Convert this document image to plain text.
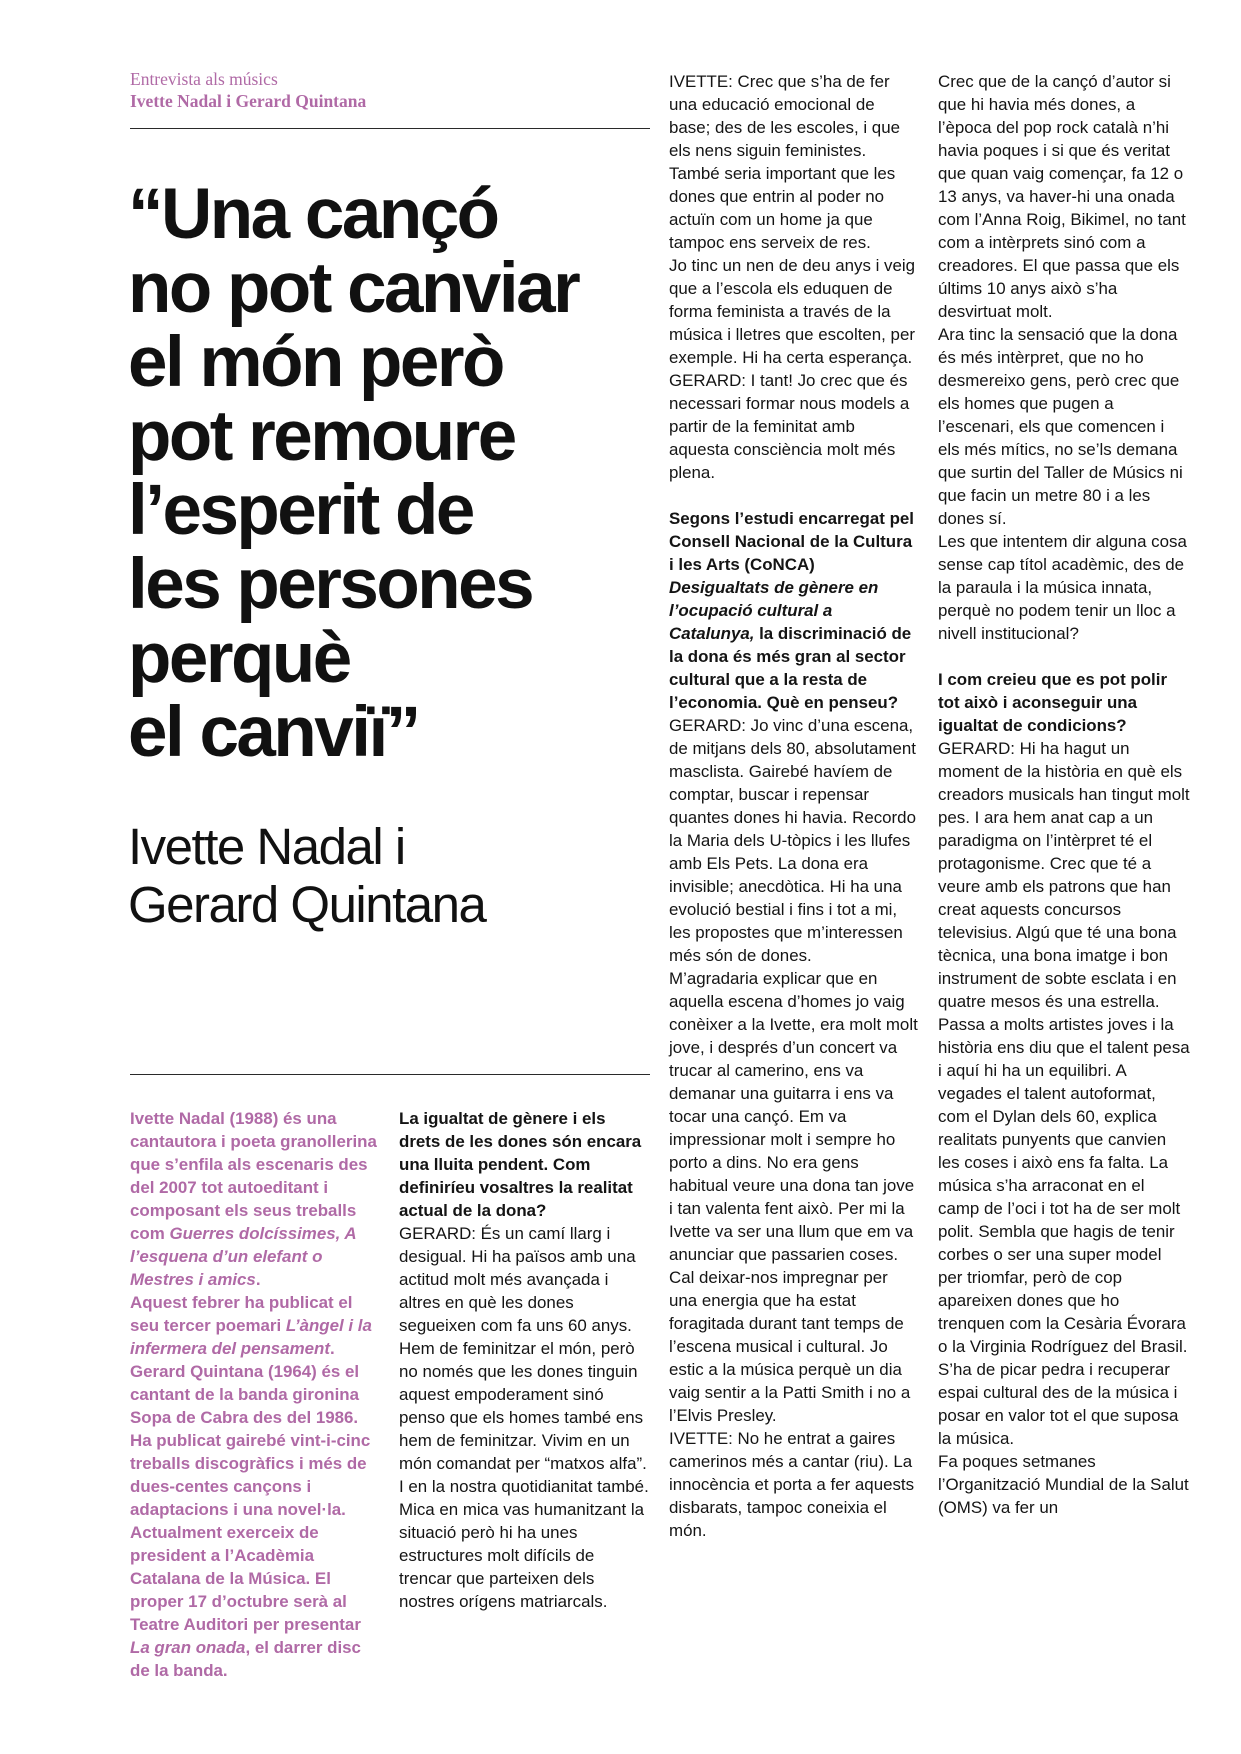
Entrevista als músics
Ivette Nadal i Gerard Quintana
“Una cançó
no pot canviar
el món però
pot remoure
l’esperit de
les persones
perquè
el canviï”
Ivette Nadal i
Gerard Quintana

Ivette Nadal (1988) és una cantautora i poeta granollerina que s’enfila als escenaris des del 2007 tot autoeditant i composant els seus treballs com Guerres dolcíssimes, A l’esquena d’un elefant o Mestres i amics.

Aquest febrer ha publicat el seu tercer poemari L’àngel i la infermera del pensament.

Gerard Quintana (1964) és el cantant de la banda gironina Sopa de Cabra des del 1986. Ha publicat gairebé vint-i-cinc treballs discogràfics i més de dues-centes cançons i adaptacions i una novel·la. Actualment exerceix de president a l’Acadèmia Catalana de la Música. El proper 17 d’octubre serà al Teatre Auditori per presentar La gran onada, el darrer disc de la banda.

La igualtat de gènere i els drets de les dones són encara una lluita pendent. Com definiríeu vosaltres la realitat actual de la dona?

GERARD: És un camí llarg i desigual. Hi ha països amb una actitud molt més avançada i altres en què les dones segueixen com fa uns 60 anys. Hem de feminitzar el món, però no només que les dones tinguin aquest empoderament sinó penso que els homes també ens hem de feminitzar. Vivim en un món comandat per “matxos alfa”.

I en la nostra quotidianitat també. Mica en mica vas humanitzant la situació però hi ha unes estructures molt difícils de trencar que parteixen dels nostres orígens matriarcals.

IVETTE: Crec que s’ha de fer una educació emocional de base; des de les escoles, i que els nens siguin feministes. També seria important que les dones que entrin al poder no actuïn com un home ja que tampoc ens serveix de res.

Jo tinc un nen de deu anys i veig que a l’escola els eduquen de forma feminista a través de la música i lletres que escolten, per exemple. Hi ha certa esperança.

GERARD: I tant! Jo crec que és necessari formar nous models a partir de la feminitat amb aquesta consciència molt més plena.

Segons l’estudi encarregat pel Consell Nacional de la Cultura i les Arts (CoNCA) Desigualtats de gènere en l’ocupació cultural a Catalunya, la discriminació de la dona és més gran al sector cultural que a la resta de l’economia. Què en penseu?

GERARD: Jo vinc d’una escena, de mitjans dels 80, absolutament masclista. Gairebé havíem de comptar, buscar i repensar quantes dones hi havia. Recordo la Maria dels U-tòpics i les llufes amb Els Pets. La dona era invisible; anecdòtica. Hi ha una evolució bestial i fins i tot a mi, les propostes que m’interessen més són de dones.

M’agradaria explicar que en aquella escena d’homes jo vaig conèixer a la Ivette, era molt molt jove, i després d’un concert va trucar al camerino, ens va demanar una guitarra i ens va tocar una cançó. Em va impressionar molt i sempre ho porto a dins. No era gens habitual veure una dona tan jove i tan valenta fent això. Per mi la Ivette va ser una llum que em va anunciar que passarien coses. Cal deixar-nos impregnar per una energia que ha estat foragitada durant tant temps de l’escena musical i cultural. Jo estic a la música perquè un dia vaig sentir a la Patti Smith i no a l’Elvis Presley.

IVETTE: No he entrat a gaires camerinos més a cantar (riu). La innocència et porta a fer aquests disbarats, tampoc coneixia el món.

Crec que de la cançó d’autor si que hi havia més dones, a l’època del pop rock català n’hi havia poques i si que és veritat que quan vaig començar, fa 12 o 13 anys, va haver-hi una onada com l’Anna Roig, Bikimel, no tant com a intèrprets sinó com a creadores. El que passa que els últims 10 anys això s’ha desvirtuat molt.

Ara tinc la sensació que la dona és més intèrpret, que no ho desmereixo gens, però crec que els homes que pugen a l’escenari, els que comencen i els més mítics, no se’ls demana que surtin del Taller de Músics ni que facin un metre 80 i a les dones sí.

Les que intentem dir alguna cosa sense cap títol acadèmic, des de la paraula i la música innata, perquè no podem tenir un lloc a nivell institucional?

I com creieu que es pot polir tot això i aconseguir una igualtat de condicions?

GERARD: Hi ha hagut un moment de la història en què els creadors musicals han tingut molt pes. I ara hem anat cap a un paradigma on l’intèrpret té el protagonisme. Crec que té a veure amb els patrons que han creat aquests concursos televisius. Algú que té una bona tècnica, una bona imatge i bon instrument de sobte esclata i en quatre mesos és una estrella. Passa a molts artistes joves i la història ens diu que el talent pesa i aquí hi ha un equilibri. A vegades el talent autoformat, com el Dylan dels 60, explica realitats punyents que canvien les coses i això ens fa falta. La música s’ha arraconat en el camp de l’oci i tot ha de ser molt polit. Sembla que hagis de tenir corbes o ser una super model per triomfar, però de cop apareixen dones que ho trenquen com la Cesària Évorara o la Virginia Rodríguez del Brasil. S’ha de picar pedra i recuperar espai cultural des de la música i posar en valor tot el que suposa la música.

Fa poques setmanes l’Organització Mundial de la Salut (OMS) va fer un
